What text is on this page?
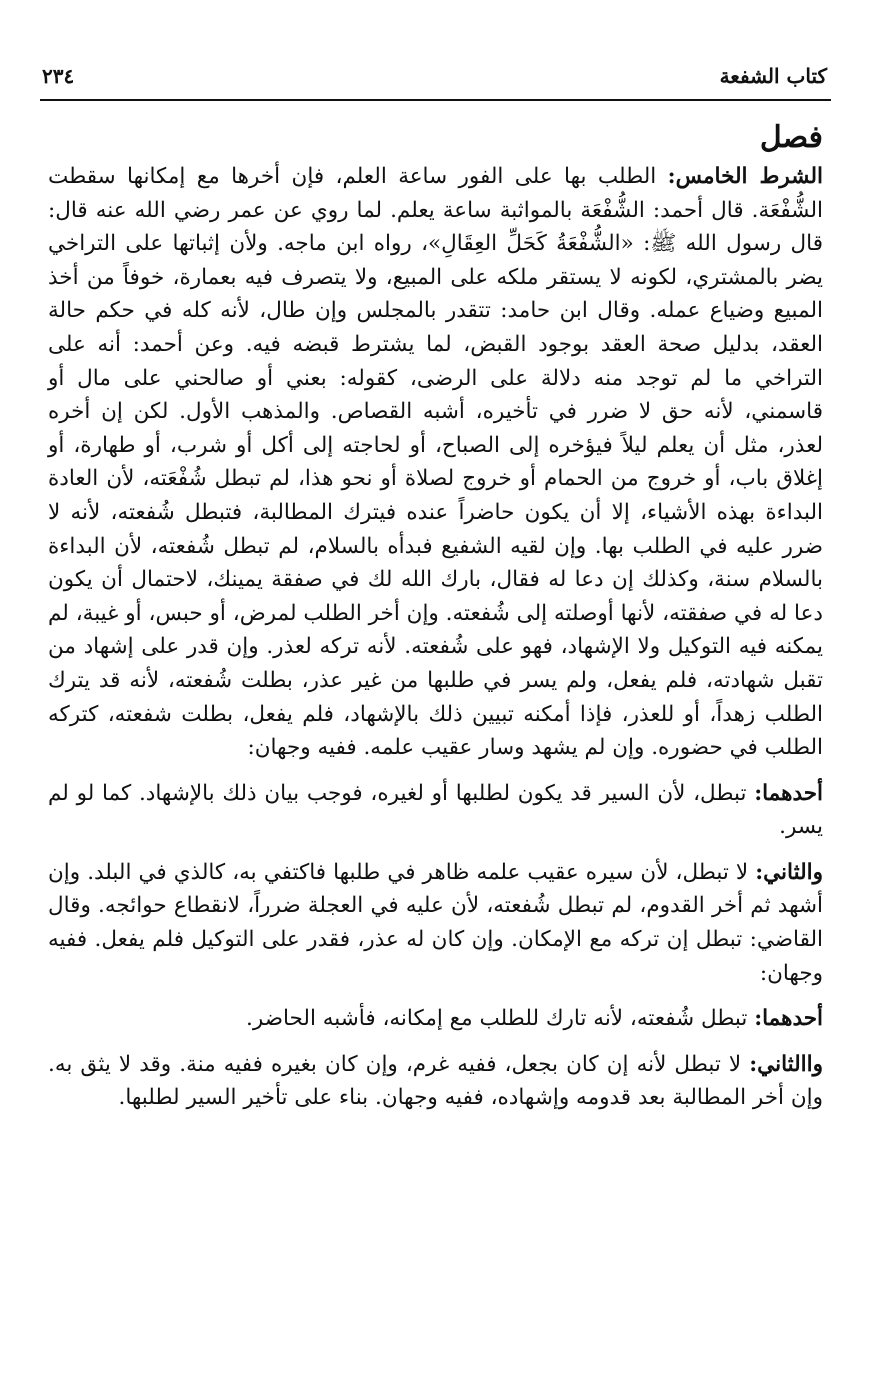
كتاب الشفعة
٢٣٤
فصل

الشرط الخامس: الطلب بها على الفور ساعة العلم، فإن أخرها مع إمكانها سقطت الشُّفْعَة. قال أحمد: الشُّفْعَة بالمواثبة ساعة يعلم. لما روي عن عمر رضي الله عنه قال: قال رسول الله ﷺ: «الشُّفْعَةُ كَحَلِّ العِقَالِ»، رواه ابن ماجه. ولأن إثباتها على التراخي يضر بالمشتري، لكونه لا يستقر ملكه على المبيع، ولا يتصرف فيه بعمارة، خوفاً من أخذ المبيع وضياع عمله. وقال ابن حامد: تتقدر بالمجلس وإن طال، لأنه كله في حكم حالة العقد، بدليل صحة العقد بوجود القبض، لما يشترط قبضه فيه. وعن أحمد: أنه على التراخي ما لم توجد منه دلالة على الرضى، كقوله: بعني أو صالحني على مال أو قاسمني، لأنه حق لا ضرر في تأخيره، أشبه القصاص. والمذهب الأول. لكن إن أخره لعذر، مثل أن يعلم ليلاً فيؤخره إلى الصباح، أو لحاجته إلى أكل أو شرب، أو طهارة، أو إغلاق باب، أو خروج من الحمام أو خروج لصلاة أو نحو هذا، لم تبطل شُفْعَته، لأن العادة البداءة بهذه الأشياء، إلا أن يكون حاضراً عنده فيترك المطالبة، فتبطل شُفعته، لأنه لا ضرر عليه في الطلب بها. وإن لقيه الشفيع فبدأه بالسلام، لم تبطل شُفعته، لأن البداءة بالسلام سنة، وكذلك إن دعا له فقال، بارك الله لك في صفقة يمينك، لاحتمال أن يكون دعا له في صفقته، لأنها أوصلته إلى شُفعته. وإن أخر الطلب لمرض، أو حبس، أو غيبة، لم يمكنه فيه التوكيل ولا الإشهاد، فهو على شُفعته. لأنه تركه لعذر. وإن قدر على إشهاد من تقبل شهادته، فلم يفعل، ولم يسر في طلبها من غير عذر، بطلت شُفعته، لأنه قد يترك الطلب زهداً، أو للعذر، فإذا أمكنه تبيين ذلك بالإشهاد، فلم يفعل، بطلت شفعته، كتركه الطلب في حضوره. وإن لم يشهد وسار عقيب علمه. ففيه وجهان:

أحدهما: تبطل، لأن السير قد يكون لطلبها أو لغيره، فوجب بيان ذلك بالإشهاد. كما لو لم يسر.

والثاني: لا تبطل، لأن سيره عقيب علمه ظاهر في طلبها فاكتفي به، كالذي في البلد. وإن أشهد ثم أخر القدوم، لم تبطل شُفعته، لأن عليه في العجلة ضرراً، لانقطاع حوائجه. وقال القاضي: تبطل إن تركه مع الإمكان. وإن كان له عذر، فقدر على التوكيل فلم يفعل. ففيه وجهان:

أحدهما: تبطل شُفعته، لأنه تارك للطلب مع إمكانه، فأشبه الحاضر.

واالثاني: لا تبطل لأنه إن كان بجعل، ففيه غرم، وإن كان بغيره ففيه منة. وقد لا يثق به. وإن أخر المطالبة بعد قدومه وإشهاده، ففيه وجهان. بناء على تأخير السير لطلبها.
